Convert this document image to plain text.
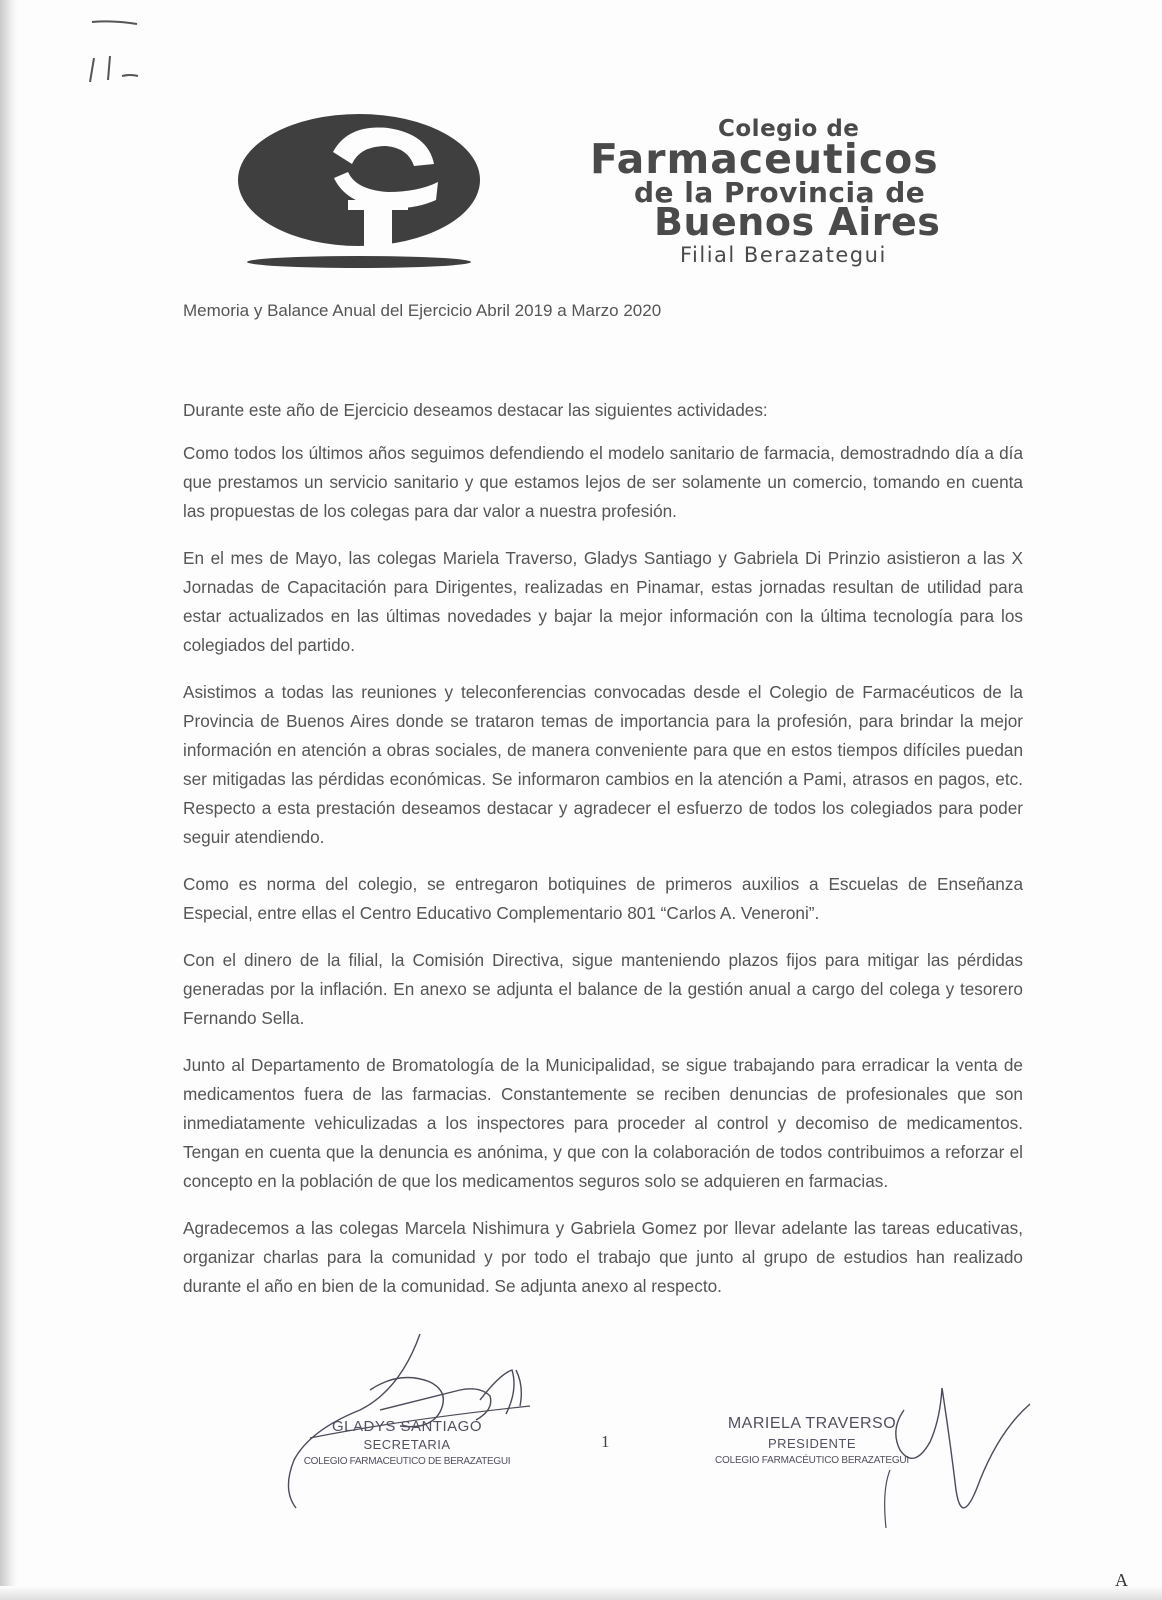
Colegio de
Farmaceuticos
de la Provincia de
Buenos Aires
Filial Berazategui
Memoria y Balance Anual del Ejercicio Abril 2019 a Marzo 2020

Durante este año de Ejercicio deseamos destacar las siguientes actividades:

Como todos los últimos años seguimos defendiendo el modelo sanitario de farmacia, demostradndo día a día que prestamos un servicio sanitario y que estamos lejos de ser solamente un comercio, tomando en cuenta las propuestas de los colegas para dar valor a nuestra profesión.

En el mes de Mayo, las colegas Mariela Traverso, Gladys Santiago y Gabriela Di Prinzio asistieron a las X Jornadas de Capacitación para Dirigentes, realizadas en Pinamar, estas jornadas resultan de utilidad para estar actualizados en las últimas novedades y bajar la mejor información con la última tecnología para los colegiados del partido.

Asistimos a todas las reuniones y teleconferencias convocadas desde el Colegio de Farmacéuticos de la Provincia de Buenos Aires donde se trataron temas de importancia para la profesión, para brindar la mejor información en atención a obras sociales, de manera conveniente para que en estos tiempos difíciles puedan ser mitigadas las pérdidas económicas. Se informaron cambios en la atención a Pami, atrasos en pagos, etc. Respecto a esta prestación deseamos destacar y agradecer el esfuerzo de todos los colegiados para poder seguir atendiendo.

Como es norma del colegio, se entregaron botiquines de primeros auxilios a Escuelas de Enseñanza Especial, entre ellas el Centro Educativo Complementario 801 “Carlos A. Veneroni”.

Con el dinero de la filial, la Comisión Directiva, sigue manteniendo plazos fijos para mitigar las pérdidas generadas por la inflación. En anexo se adjunta el balance de la gestión anual a cargo del colega y tesorero Fernando Sella.

Junto al Departamento de Bromatología de la Municipalidad, se sigue trabajando para erradicar la venta de medicamentos fuera de las farmacias. Constantemente se reciben denuncias de profesionales que son inmediatamente vehiculizadas a los inspectores para proceder al control y decomiso de medicamentos. Tengan en cuenta que la denuncia es anónima, y que con la colaboración de todos contribuimos a reforzar el concepto en la población de que los medicamentos seguros solo se adquieren en farmacias.

Agradecemos a las colegas Marcela Nishimura y Gabriela Gomez por llevar adelante las tareas educativas, organizar charlas para la comunidad y por todo el trabajo que junto al grupo de estudios han realizado durante el año en bien de la comunidad. Se adjunta anexo al respecto.

GLADYS SANTIAGO
SECRETARIA
COLEGIO FARMACEUTICO DE BERAZATEGUI
1
MARIELA TRAVERSO
PRESIDENTE
COLEGIO FARMACÉUTICO BERAZATEGUI
A
